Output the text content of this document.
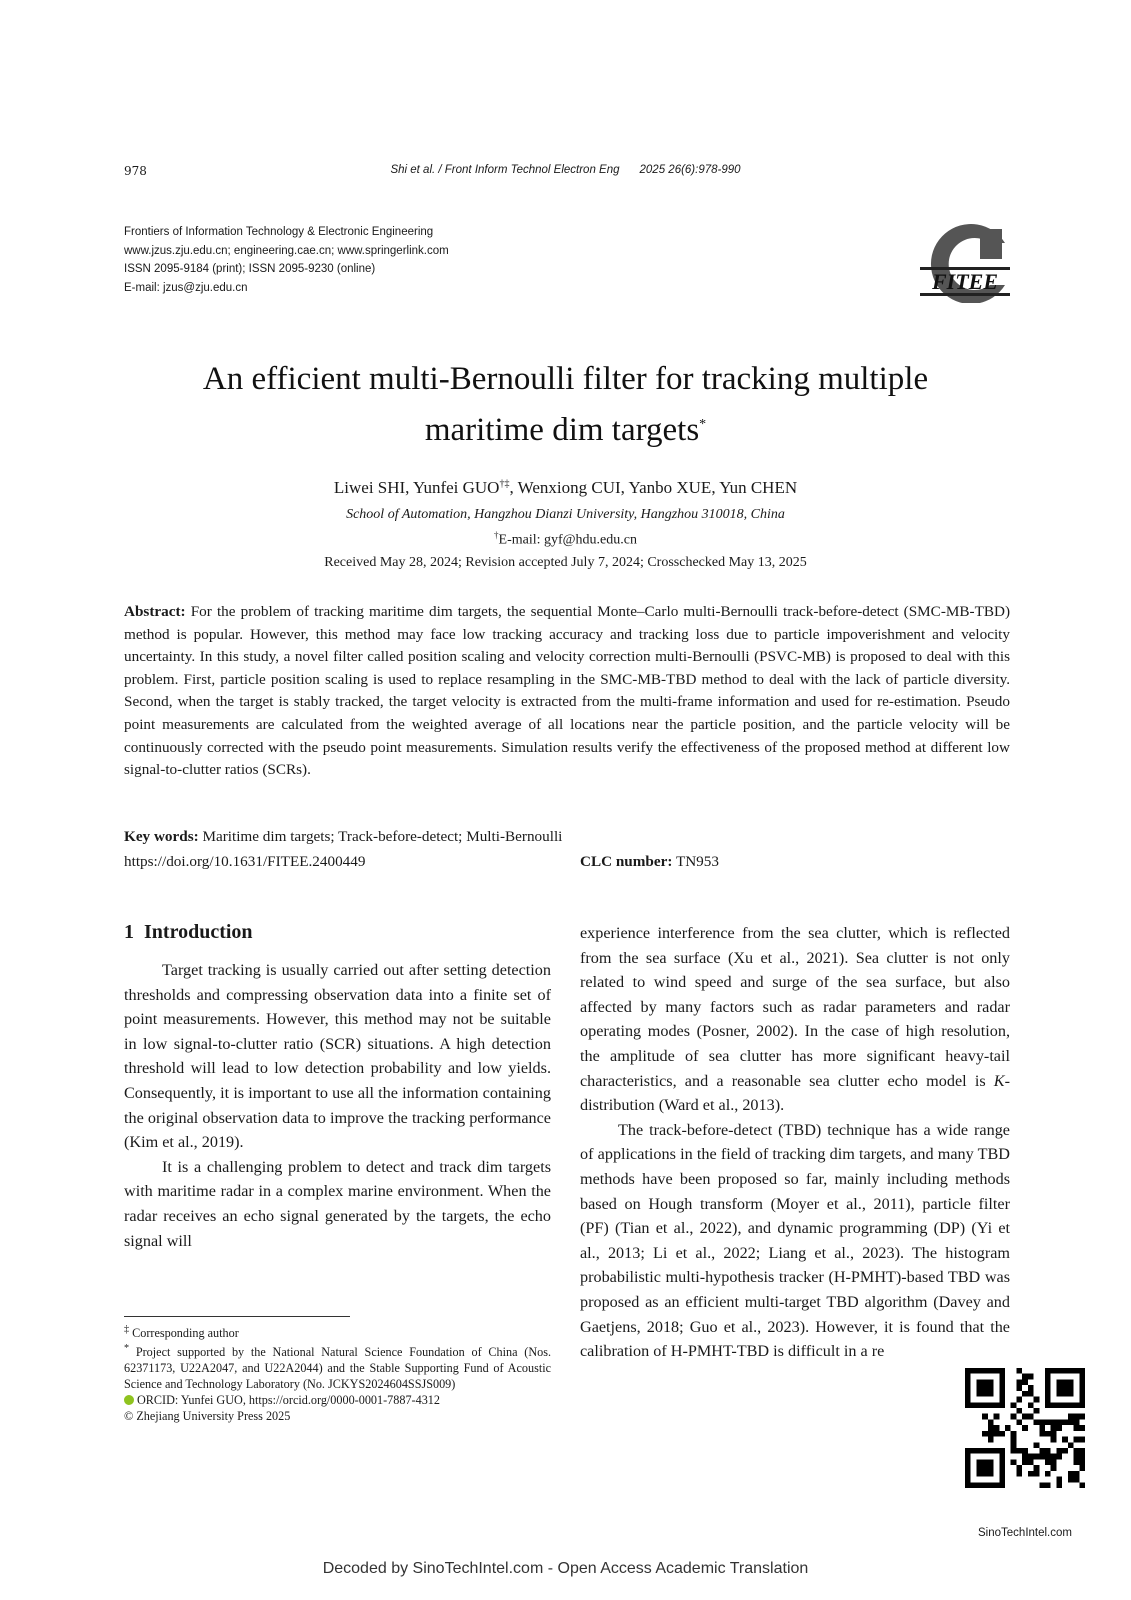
978	Shi et al. / Front Inform Technol Electron Eng 2025 26(6):978-990
Frontiers of Information Technology & Electronic Engineering
www.jzus.zju.edu.cn; engineering.cae.cn; www.springerlink.com
ISSN 2095-9184 (print); ISSN 2095-9230 (online)
E-mail: jzus@zju.edu.cn	FITEE
An efficient multi-Bernoulli filter for tracking multiple
maritime dim targets*
Liwei SHI, Yunfei GUO†‡, Wenxiong CUI, Yanbo XUE, Yun CHEN
School of Automation, Hangzhou Dianzi University, Hangzhou 310018, China
†E-mail: gyf@hdu.edu.cn
Received May 28, 2024; Revision accepted July 7, 2024; Crosschecked May 13, 2025
Abstract: For the problem of tracking maritime dim targets, the sequential Monte–Carlo multi-Bernoulli track-before-detect (SMC-MB-TBD) method is popular. However, this method may face low tracking accuracy and tracking loss due to particle impoverishment and velocity uncertainty. In this study, a novel filter called position scaling and velocity correction multi-Bernoulli (PSVC-MB) is proposed to deal with this problem. First, particle position scaling is used to replace resampling in the SMC-MB-TBD method to deal with the lack of particle diversity. Second, when the target is stably tracked, the target velocity is extracted from the multi-frame information and used for re-estimation. Pseudo point measurements are calculated from the weighted average of all locations near the particle position, and the particle velocity will be continuously corrected with the pseudo point measurements. Simulation results verify the effectiveness of the proposed method at different low signal-to-clutter ratios (SCRs).
Key words: Maritime dim targets; Track-before-detect; Multi-Bernoulli
https://doi.org/10.1631/FITEE.2400449	CLC number: TN953
1 Introduction

Target tracking is usually carried out after setting detection thresholds and compressing observation data into a finite set of point measurements. However, this method may not be suitable in low signal-to-clutter ratio (SCR) situations. A high detection threshold will lead to low detection probability and low yields. Consequently, it is important to use all the information containing the original observation data to improve the tracking performance (Kim et al., 2019).

It is a challenging problem to detect and track dim targets with maritime radar in a complex marine environment. When the radar receives an echo signal generated by the targets, the echo signal will

experience interference from the sea clutter, which is reflected from the sea surface (Xu et al., 2021). Sea clutter is not only related to wind speed and surge of the sea surface, but also affected by many factors such as radar parameters and radar operating modes (Posner, 2002). In the case of high resolution, the amplitude of sea clutter has more significant heavy-tail characteristics, and a reasonable sea clutter echo model is K-distribution (Ward et al., 2013).

The track-before-detect (TBD) technique has a wide range of applications in the field of tracking dim targets, and many TBD methods have been proposed so far, mainly including methods based on Hough transform (Moyer et al., 2011), particle filter (PF) (Tian et al., 2022), and dynamic programming (DP) (Yi et al., 2013; Li et al., 2022; Liang et al., 2023). The histogram probabilistic multi-hypothesis tracker (H-PMHT)-based TBD was proposed as an efficient multi-target TBD algorithm (Davey and Gaetjens, 2018; Guo et al., 2023). However, it is found that the calibration of H-PMHT-TBD is difficult in a re

‡ Corresponding author
* Project supported by the National Natural Science Foundation of China (Nos. 62371173, U22A2047, and U22A2044) and the Stable Supporting Fund of Acoustic Science and Technology Laboratory (No. JCKYS2024604SSJS009)
ORCID: Yunfei GUO, https://orcid.org/0000-0001-7887-4312
© Zhejiang University Press 2025
SinoTechIntel.com
Decoded by SinoTechIntel.com - Open Access Academic Translation
